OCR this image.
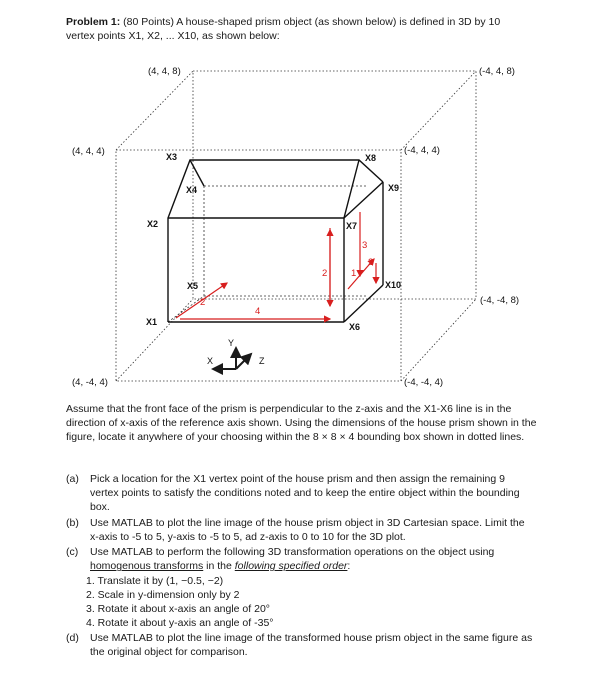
Problem 1: (80 Points) A house-shaped prism object (as shown below) is defined in 3D by 10
vertex points X1, X2, ... X10, as shown below:
4
2
2
3
1
2
X1
X2
X3
X4
X5
X6
X7
X8
X9
X10
(4, 4, 8)	(-4, 4, 8)
(4, 4, 4)	(-4, 4, 4)
(-4, -4, 8)
(4, -4, 4)	(-4, -4, 4)
Y
X	Z
Assume that the front face of the prism is perpendicular to the z-axis and the X1-X6 line is in the direction of x-axis of the reference axis shown. Using the dimensions of the house prism shown in the figure, locate it anywhere of your choosing within the 8 × 8 × 4 bounding box shown in dotted lines.
(a) Pick a location for the X1 vertex point of the house prism and then assign the remaining 9 vertex points to satisfy the conditions noted and to keep the entire object within the bounding box.
(b) Use MATLAB to plot the line image of the house prism object in 3D Cartesian space. Limit the x-axis to -5 to 5, y-axis to -5 to 5, ad z-axis to 0 to 10 for the 3D plot.
(c) Use MATLAB to perform the following 3D transformation operations on the object using homogenous transforms in the following specified order:
1. Translate it by (1, −0.5, −2)
2. Scale in y-dimension only by 2
3. Rotate it about x-axis an angle of 20°
4. Rotate it about y-axis an angle of -35°
(d) Use MATLAB to plot the line image of the transformed house prism object in the same figure as the original object for comparison.
